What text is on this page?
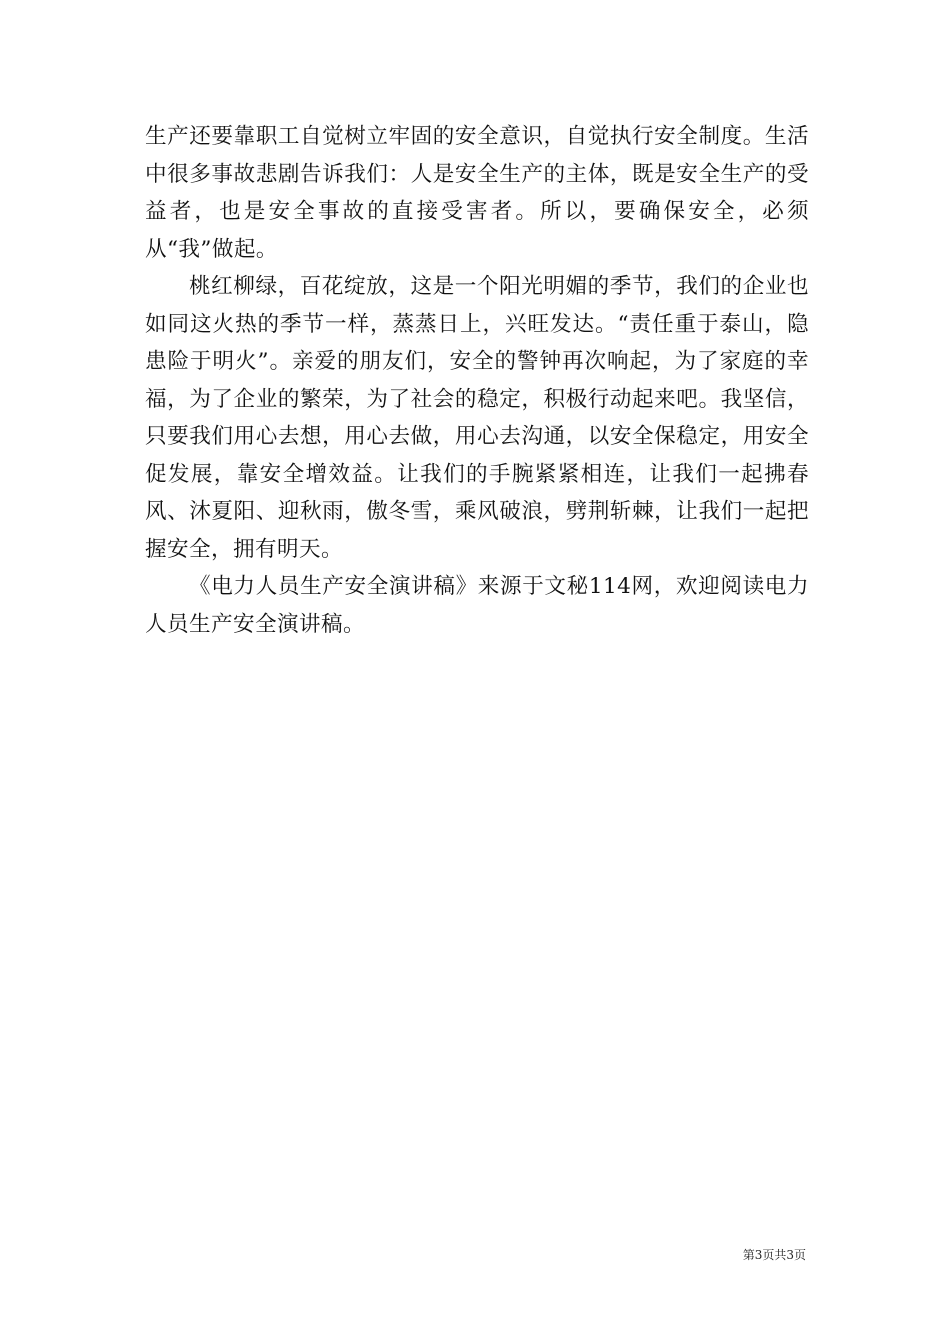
生产还要靠职工自觉树立牢固的安全意识，自觉执行安全制度。生活中很多事故悲剧告诉我们：人是安全生产的主体，既是安全生产的受益者，也是安全事故的直接受害者。所以，要确保安全，必须从“我”做起。

桃红柳绿，百花绽放，这是一个阳光明媚的季节，我们的企业也如同这火热的季节一样，蒸蒸日上，兴旺发达。“责任重于泰山，隐患险于明火”。亲爱的朋友们，安全的警钟再次响起，为了家庭的幸福，为了企业的繁荣，为了社会的稳定，积极行动起来吧。我坚信，只要我们用心去想，用心去做，用心去沟通，以安全保稳定，用安全促发展，靠安全增效益。让我们的手腕紧紧相连，让我们一起拂春风、沐夏阳、迎秋雨，傲冬雪，乘风破浪，劈荆斩棘，让我们一起把握安全，拥有明天。

《电力人员生产安全演讲稿》来源于文秘114网，欢迎阅读电力人员生产安全演讲稿。

第3页共3页
